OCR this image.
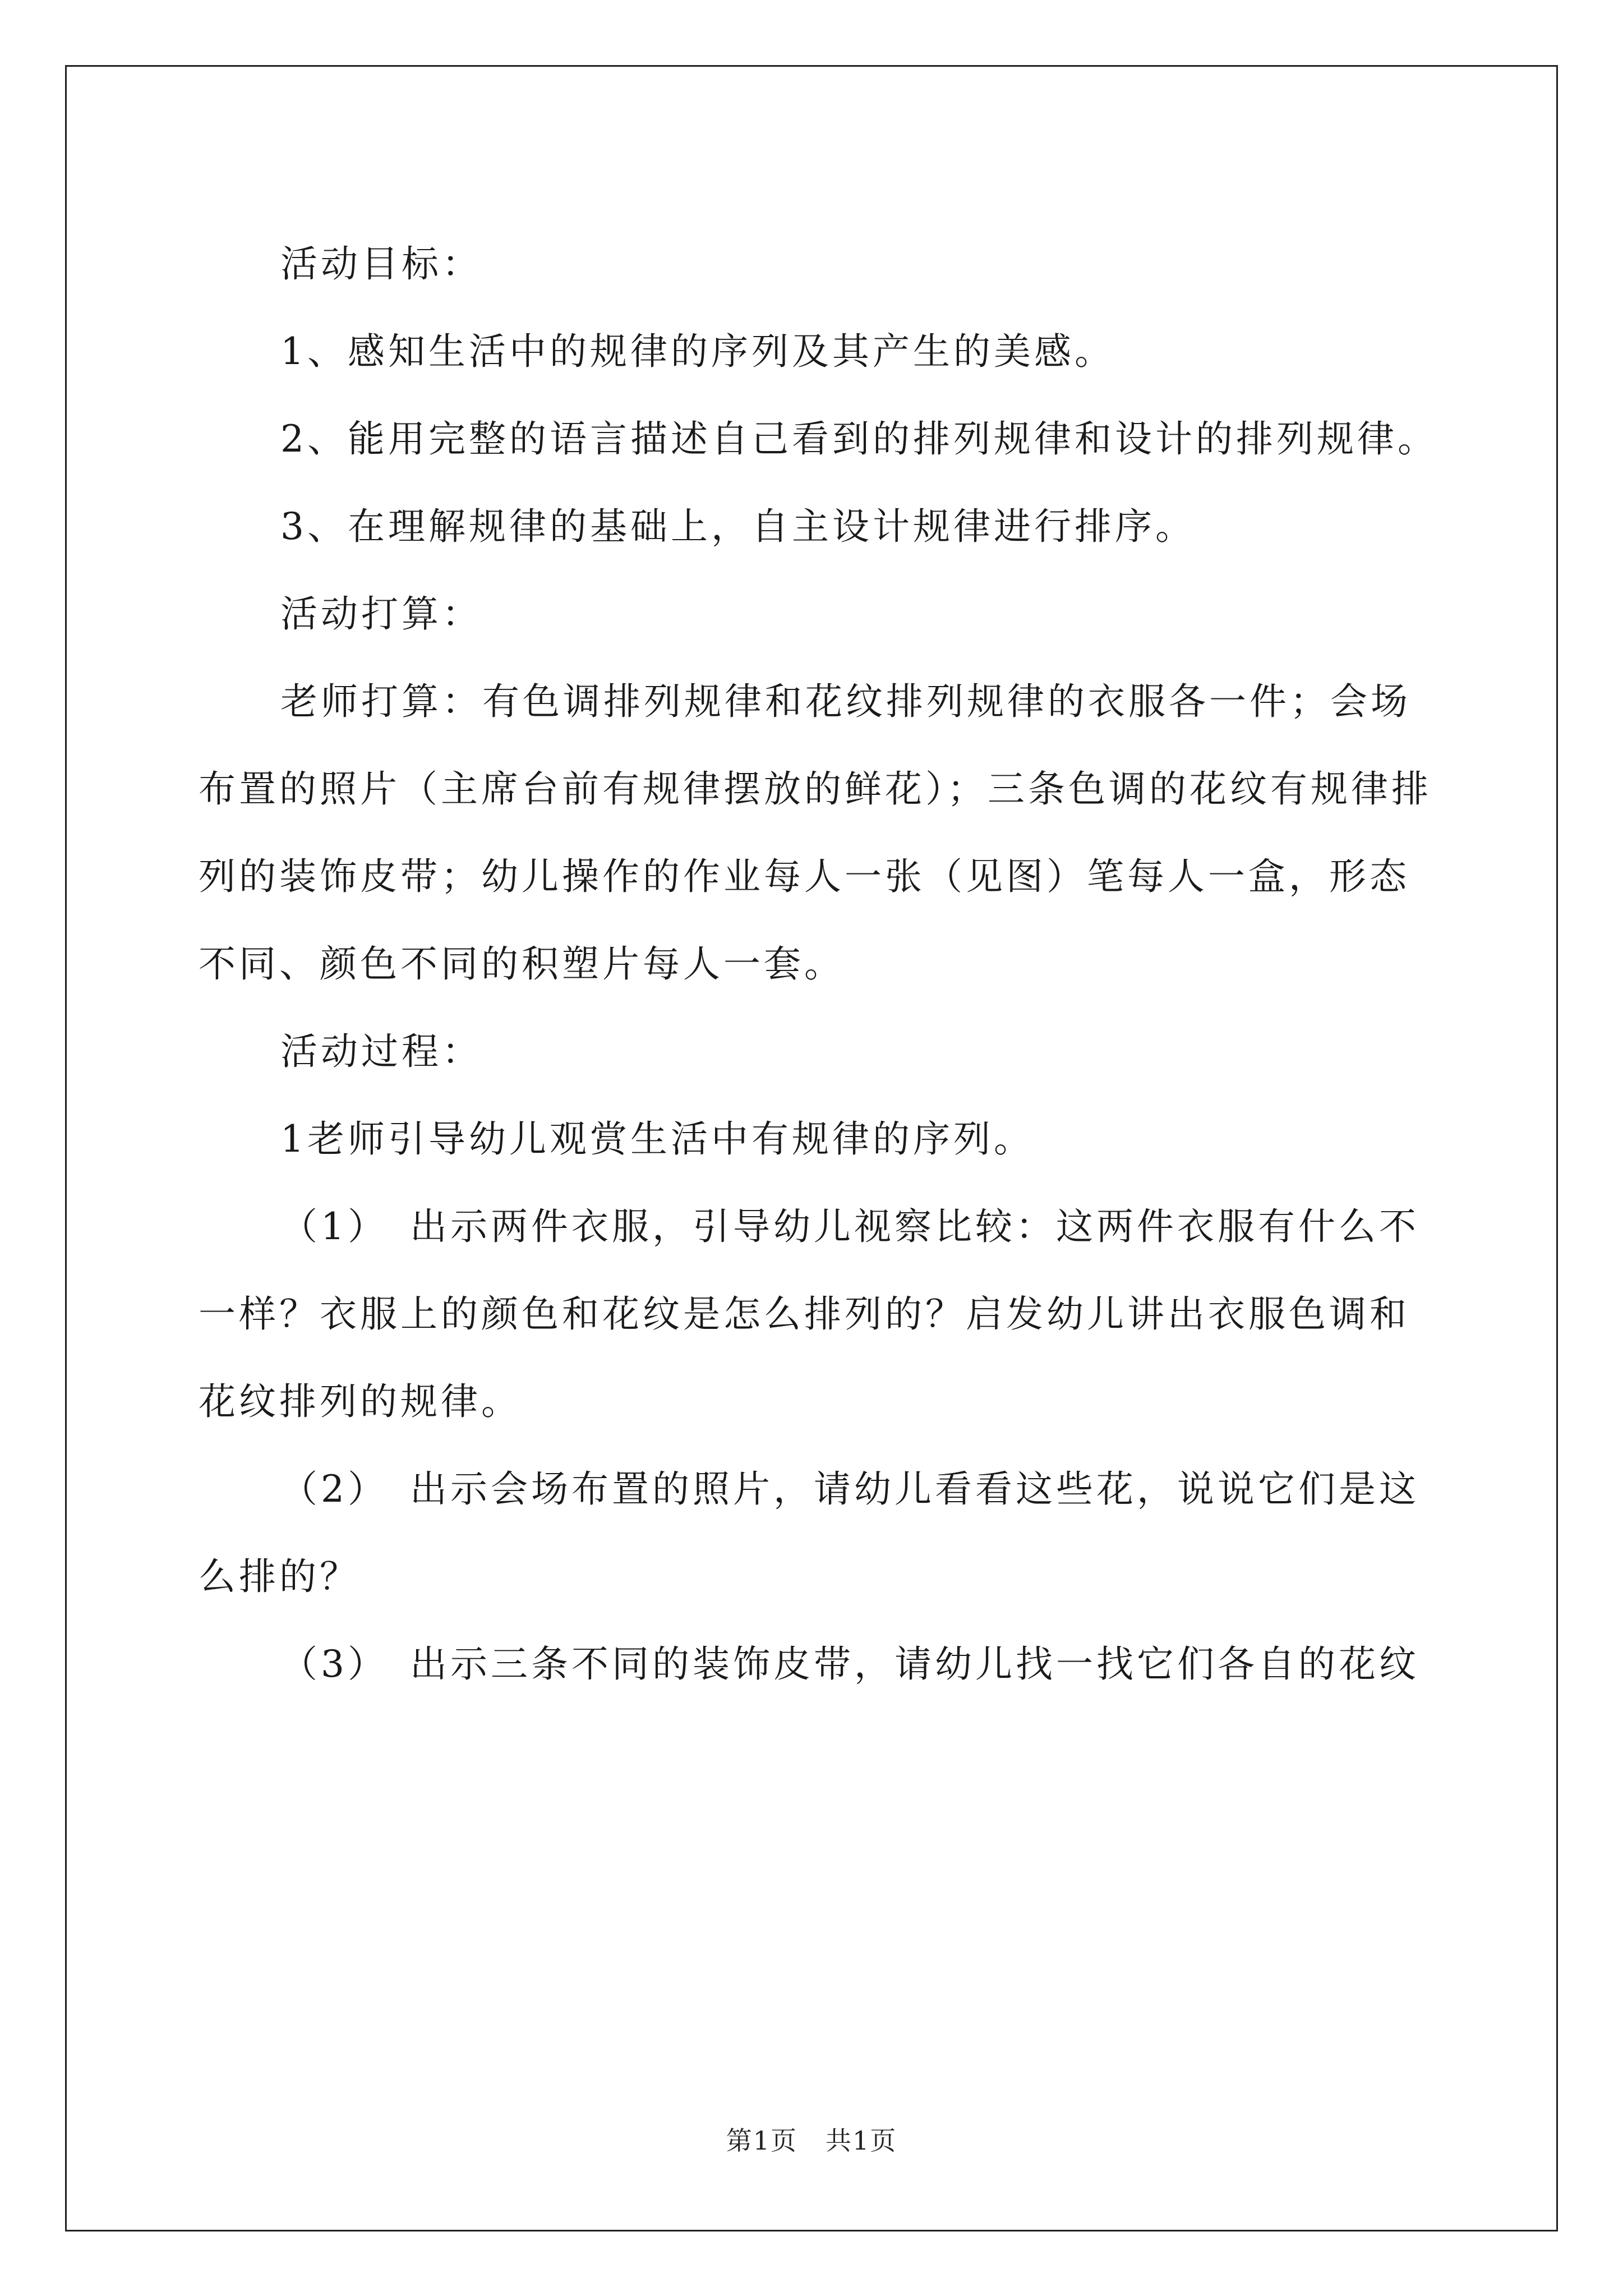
活动目标：

1、感知生活中的规律的序列及其产生的美感。

2、能用完整的语言描述自己看到的排列规律和设计的排列规律。

3、在理解规律的基础上，自主设计规律进行排序。

活动打算：

老师打算：有色调排列规律和花纹排列规律的衣服各一件；会场布置的照片（主席台前有规律摆放的鲜花）；三条色调的花纹有规律排列的装饰皮带；幼儿操作的作业每人一张（见图）笔每人一盒，形态不同、颜色不同的积塑片每人一套。

活动过程：

1老师引导幼儿观赏生活中有规律的序列。

（1）　出示两件衣服，引导幼儿视察比较：这两件衣服有什么不一样？衣服上的颜色和花纹是怎么排列的？启发幼儿讲出衣服色调和花纹排列的规律。

（2）　出示会场布置的照片，请幼儿看看这些花，说说它们是这么排的？

（3）　出示三条不同的装饰皮带，请幼儿找一找它们各自的花纹

第1页 共1页
